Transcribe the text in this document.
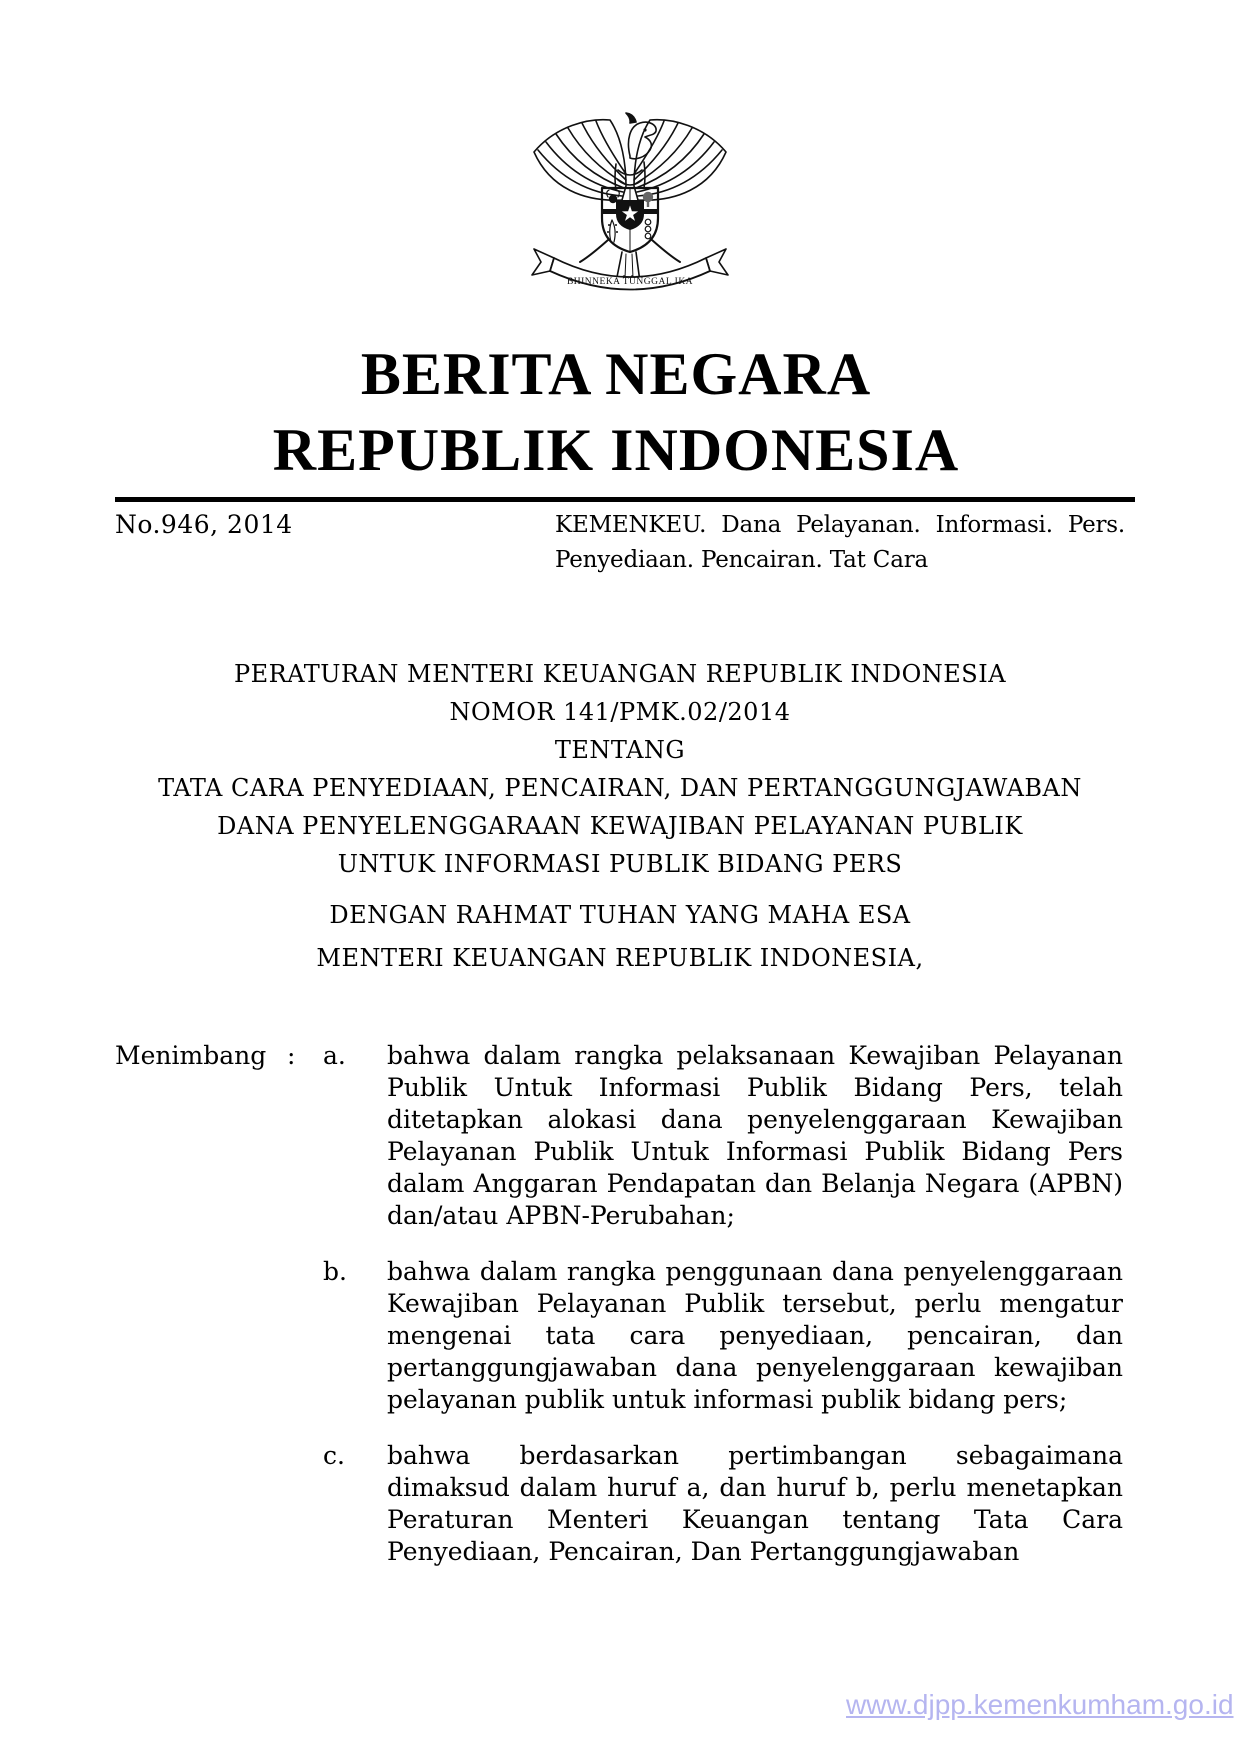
BHINNEKA TUNGGAL IKA
BERITA NEGARA
REPUBLIK INDONESIA
No.946, 2014	KEMENKEU. Dana Pelayanan. Informasi. Pers.
Penyediaan. Pencairan. Tat Cara
PERATURAN MENTERI KEUANGAN REPUBLIK INDONESIA
NOMOR 141/PMK.02/2014
TENTANG
TATA CARA PENYEDIAAN, PENCAIRAN, DAN PERTANGGUNGJAWABAN
DANA PENYELENGGARAAN KEWAJIBAN PELAYANAN PUBLIK
UNTUK INFORMASI PUBLIK BIDANG PERS
DENGAN RAHMAT TUHAN YANG MAHA ESA
MENTERI KEUANGAN REPUBLIK INDONESIA,
Menimbang :	a.	bahwa dalam rangka pelaksanaan Kewajiban Pelayanan Publik Untuk Informasi Publik Bidang Pers, telah ditetapkan alokasi dana penyelenggaraan Kewajiban Pelayanan Publik Untuk Informasi Publik Bidang Pers dalam Anggaran Pendapatan dan Belanja Negara (APBN) dan/atau APBN-Perubahan;
b.	bahwa dalam rangka penggunaan dana penyelenggaraan Kewajiban Pelayanan Publik tersebut, perlu mengatur mengenai tata cara penyediaan, pencairan, dan pertanggungjawaban dana penyelenggaraan kewajiban pelayanan publik untuk informasi publik bidang pers;
c.	bahwa berdasarkan pertimbangan sebagaimana dimaksud dalam huruf a, dan huruf b, perlu menetapkan Peraturan Menteri Keuangan tentang Tata Cara Penyediaan, Pencairan, Dan Pertanggungjawaban
www.djpp.kemenkumham.go.id
